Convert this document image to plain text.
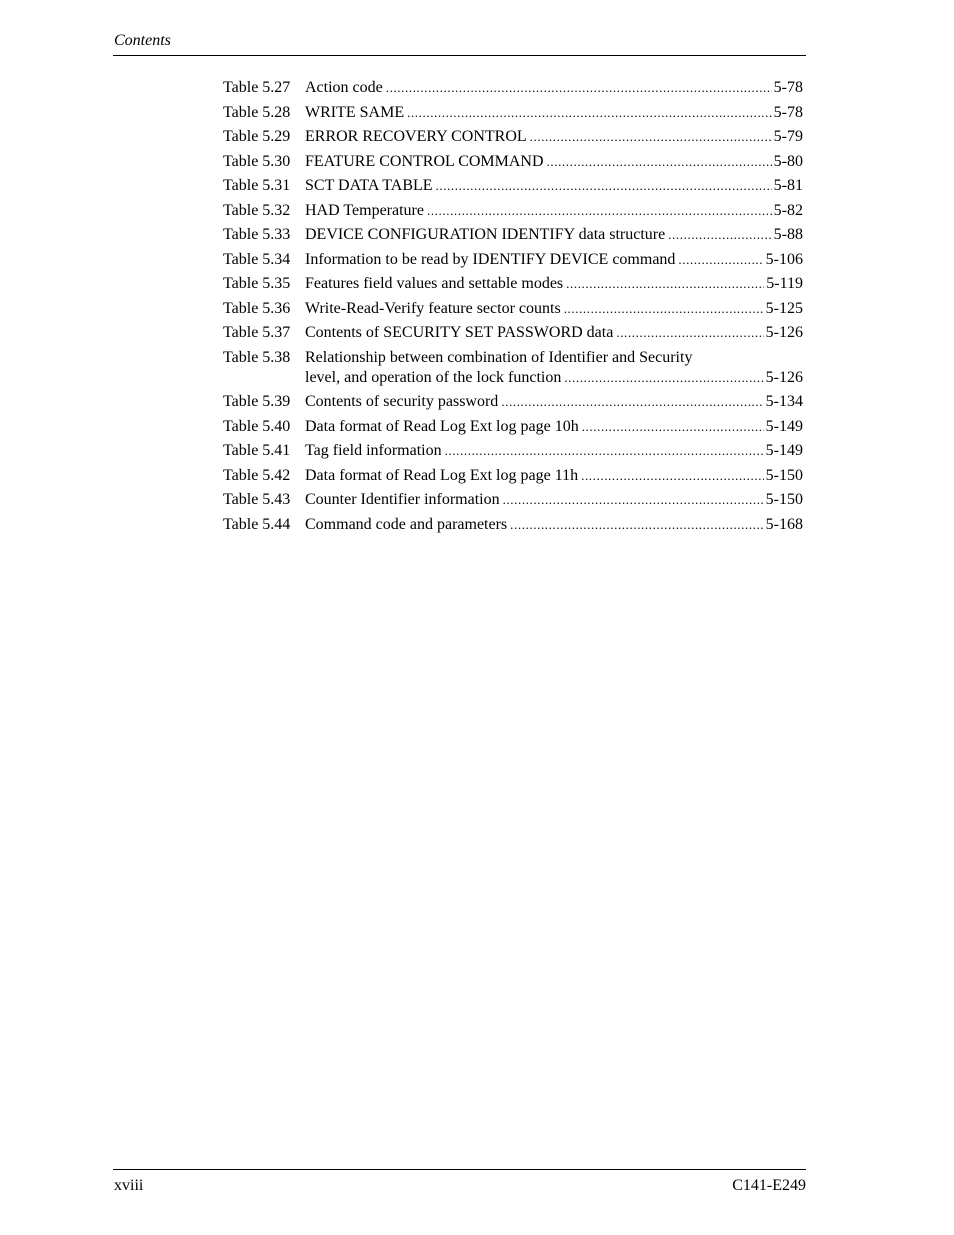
Contents
Table 5.27 Action code .....	5-78
Table 5.28 WRITE SAME .....	5-78
Table 5.29 ERROR RECOVERY CONTROL .....	5-79
Table 5.30 FEATURE CONTROL COMMAND .....	5-80
Table 5.31 SCT DATA TABLE .....	5-81
Table 5.32 HAD Temperature .....	5-82
Table 5.33 DEVICE CONFIGURATION IDENTIFY data structure .....	5-88
Table 5.34 Information to be read by IDENTIFY DEVICE command .....	5-106
Table 5.35 Features field values and settable modes .....	5-119
Table 5.36 Write-Read-Verify feature sector counts .....	5-125
Table 5.37 Contents of SECURITY SET PASSWORD data .....	5-126
Table 5.38 Relationship between combination of Identifier and Security
level, and operation of the lock function .....	5-126
Table 5.39 Contents of security password .....	5-134
Table 5.40 Data format of Read Log Ext log page 10h .....	5-149
Table 5.41 Tag field information .....	5-149
Table 5.42 Data format of Read Log Ext log page 11h .....	5-150
Table 5.43 Counter Identifier information .....	5-150
Table 5.44 Command code and parameters .....	5-168
xviii	C141-E249
